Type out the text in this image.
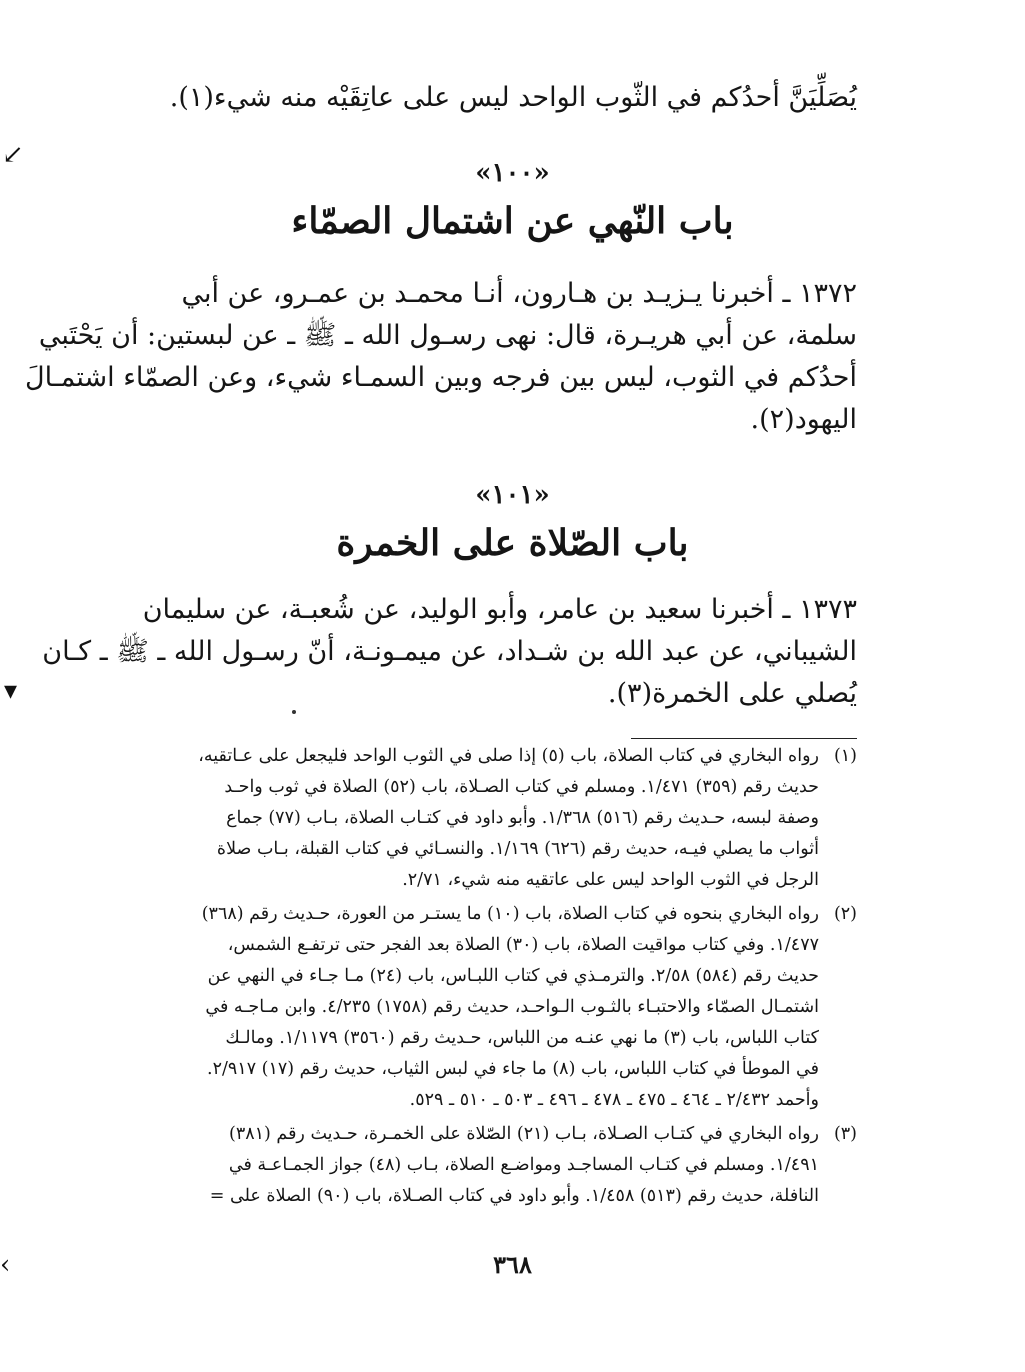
↙
▾
‹
يُصَلِّيَنَّ أحدُكم في الثّوب الواحد ليس على عاتِقَيْه منه شيء(١).
«١٠٠»
باب النّهي عن اشتمال الصمّاء
١٣٧٢ ـ أخبرنا يـزيـد بن هـارون، أنـا محمـد بن عمـرو، عن أبي
سلمة، عن أبي هريـرة، قال: نهى رسـول الله ـ ﷺ ـ عن لبستين: أن يَحْتَبي
أحدُكم في الثوب، ليس بين فرجه وبين السمـاء شيء، وعن الصمّاء اشتمـالَ
اليهود(٢).
«١٠١»
باب الصّلاة على الخمرة
١٣٧٣ ـ أخبرنا سعيد بن عامر، وأبو الوليد، عن شُعبـة، عن سليمان
الشيباني، عن عبد الله بن شـداد، عن ميمـونـة، أنّ رسـول الله ـ ﷺ ـ كـان
يُصلي على الخمرة(٣).
(١)رواه البخاري في كتاب الصلاة، باب (٥) إذا صلى في الثوب الواحد فليجعل على عـاتقيه،
حديث رقم (٣٥٩) ١/٤٧١. ومسلم في كتاب الصـلاة، باب (٥٢) الصلاة في ثوب واحـد
وصفة لبسه، حـديث رقم (٥١٦) ١/٣٦٨. وأبو داود في كتـاب الصلاة، بـاب (٧٧) جماع
أثواب ما يصلي فيـه، حديث رقم (٦٢٦) ١/١٦٩. والنسـائي في كتاب القبلة، بـاب صلاة
الرجل في الثوب الواحد ليس على عاتقيه منه شيء، ٢/٧١.
(٢)رواه البخاري بنحوه في كتاب الصلاة، باب (١٠) ما يستـر من العورة، حـديث رقم (٣٦٨)
١/٤٧٧. وفي كتاب مواقيت الصلاة، باب (٣٠) الصلاة بعد الفجر حتى ترتفـع الشمس،
حديث رقم (٥٨٤) ٢/٥٨. والترمـذي في كتاب اللبـاس، باب (٢٤) مـا جـاء في النهي عن
اشتمـال الصمّاء والاحتبـاء بالثـوب الـواحـد، حديث رقم (١٧٥٨) ٤/٢٣٥. وابن مـاجـه في
كتاب اللباس، باب (٣) ما نهي عنـه من اللباس، حـديث رقم (٣٥٦٠) ١/١١٧٩. ومالـك
في الموطأ في كتاب اللباس، باب (٨) ما جاء في لبس الثياب، حديث رقم (١٧) ٢/٩١٧.
وأحمد ٢/٤٣٢ ـ ٤٦٤ ـ ٤٧٥ ـ ٤٧٨ ـ ٤٩٦ ـ ٥٠٣ ـ ٥١٠ ـ ٥٢٩.
(٣)رواه البخاري في كتـاب الصـلاة، بـاب (٢١) الصّلاة على الخمـرة، حـديث رقم (٣٨١)
١/٤٩١. ومسلم في كتـاب المساجـد ومواضـع الصلاة، بـاب (٤٨) جواز الجمـاعـة في
النافلة، حديث رقم (٥١٣) ١/٤٥٨. وأبو داود في كتاب الصـلاة، باب (٩٠) الصلاة على =
٣٦٨
